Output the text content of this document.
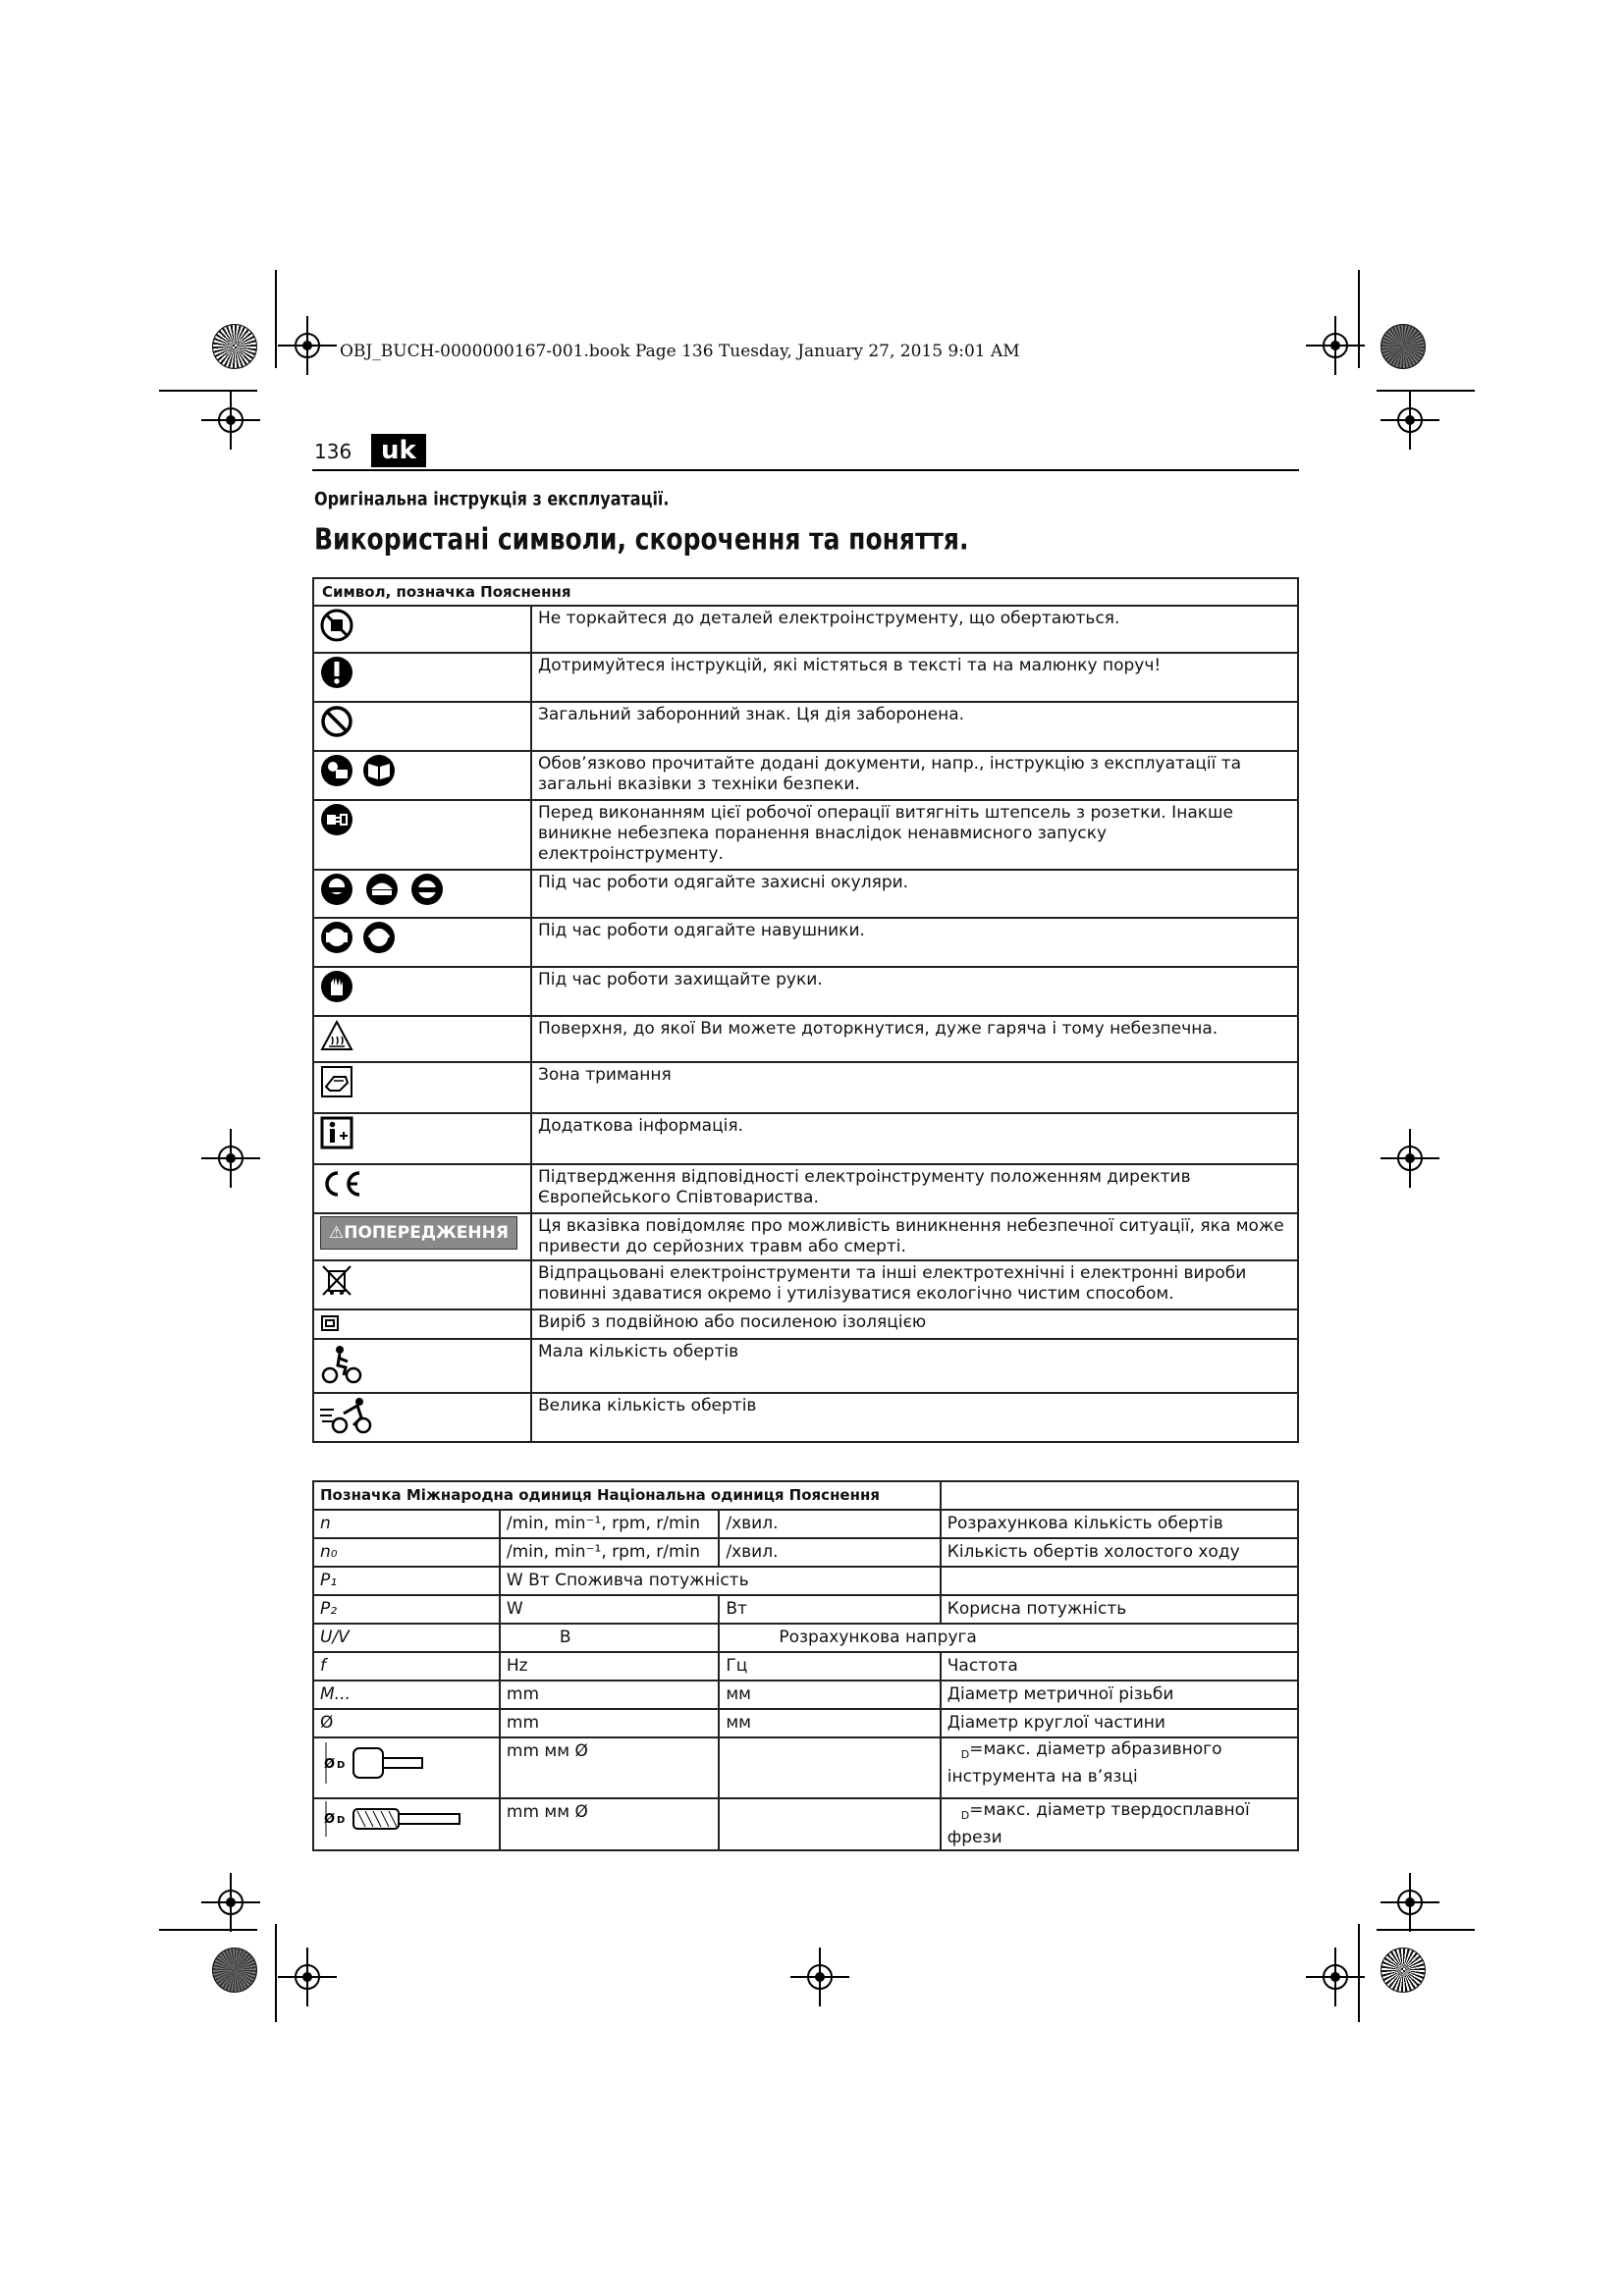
OBJ_BUCH-0000000167-001.book Page 136 Tuesday, January 27, 2015 9:01 AM
136	uk
Оригінальна інструкція з експлуатації.
Використані символи, скорочення та поняття.
Символ, позначка Пояснення	
	Не торкайтеся до деталей електроінструменту, що обертаються.
	Дотримуйтеся інструкцій, які містяться в тексті та на малюнку поруч!
	Загальний заборонний знак. Ця дія заборонена.
	Обов’язково прочитайте додані документи, напр., інструкцію з експлуатації та загальні вказівки з техніки безпеки.
	Перед виконанням цієї робочої операції витягніть штепсель з розетки. Інакше виникне небезпека поранення внаслідок ненавмисного запуску електроінструменту.
	Під час роботи одягайте захисні окуляри.
	Під час роботи одягайте навушники.
	Під час роботи захищайте руки.
	Поверхня, до якої Ви можете доторкнутися, дуже гаряча і тому небезпечна.
	Зона тримання
	Додаткова інформація.
	Підтвердження відповідності електроінструменту положенням директив Європейського Співтовариства.

⚠ ПОПЕРЕДЖЕННЯ	Ця вказівка повідомляє про можливість виникнення небезпечної ситуації, яка може привести до серйозних травм або смерті.
	Відпрацьовані електроінструменти та інші електротехнічні і електронні вироби повинні здаватися окремо і утилізуватися екологічно чистим способом.
	Виріб з подвійною або посиленою ізоляцією
	Мала кількість обертів
	Велика кількість обертів
Позначка Міжнародна одиниця Національна одиниця Пояснення			
n	/min, min⁻¹, rpm, r/min	/хвил.	Розрахункова кількість обертів
n₀	/min, min⁻¹, rpm, r/min	/хвил.	Кількість обертів холостого ходу
P₁	W Вт Споживча потужність		
P₂	W	Вт	Корисна потужність
U/V	В	Розрахункова напруга	
f	Hz	Гц	Частота
M...	mm	мм	Діаметр метричної різьби
Ø	mm	мм	Діаметр круглої частини

Ø D	mm мм Ø		$_D$=макс. діаметр абразивного інструмента на в’язці

Ø D	mm мм Ø		$_D$=макс. діаметр твердосплавної фрези
